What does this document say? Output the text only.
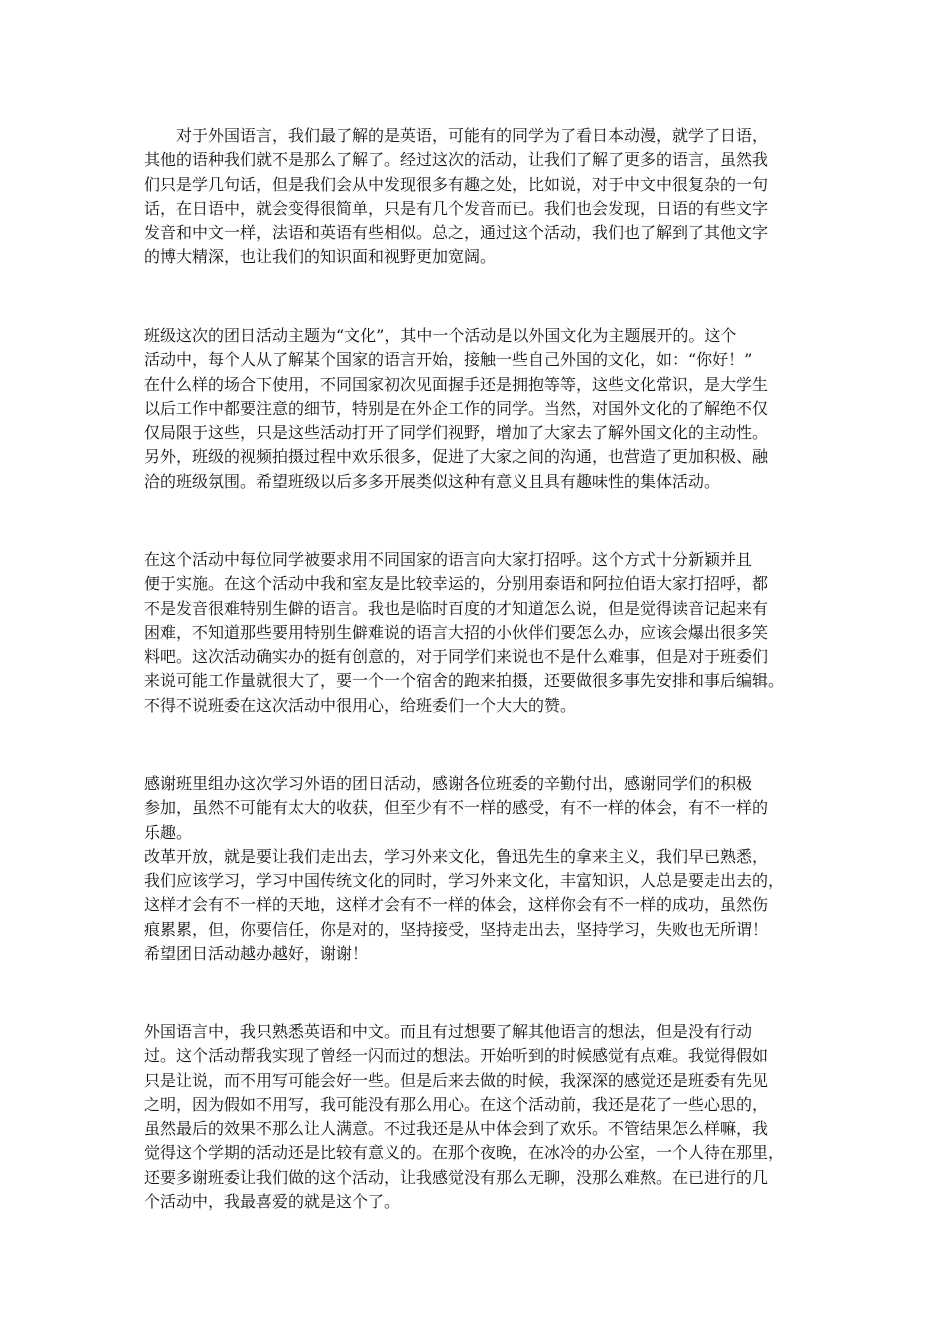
　　对于外国语言，我们最了解的是英语，可能有的同学为了看日本动漫，就学了日语，
其他的语种我们就不是那么了解了。经过这次的活动，让我们了解了更多的语言，虽然我
们只是学几句话，但是我们会从中发现很多有趣之处，比如说，对于中文中很复杂的一句
话，在日语中，就会变得很简单，只是有几个发音而已。我们也会发现，日语的有些文字
发音和中文一样，法语和英语有些相似。总之，通过这个活动，我们也了解到了其他文字
的博大精深，也让我们的知识面和视野更加宽阔。
班级这次的团日活动主题为“文化”，其中一个活动是以外国文化为主题展开的。这个
活动中，每个人从了解某个国家的语言开始，接触一些自己外国的文化，如：“你好！”
在什么样的场合下使用，不同国家初次见面握手还是拥抱等等，这些文化常识，是大学生
以后工作中都要注意的细节，特别是在外企工作的同学。当然，对国外文化的了解绝不仅
仅局限于这些，只是这些活动打开了同学们视野，增加了大家去了解外国文化的主动性。
另外，班级的视频拍摄过程中欢乐很多，促进了大家之间的沟通，也营造了更加积极、融
洽的班级氛围。希望班级以后多多开展类似这种有意义且具有趣味性的集体活动。
在这个活动中每位同学被要求用不同国家的语言向大家打招呼。这个方式十分新颖并且
便于实施。在这个活动中我和室友是比较幸运的，分别用泰语和阿拉伯语大家打招呼，都
不是发音很难特别生僻的语言。我也是临时百度的才知道怎么说，但是觉得读音记起来有
困难，不知道那些要用特别生僻难说的语言大招的小伙伴们要怎么办，应该会爆出很多笑
料吧。这次活动确实办的挺有创意的，对于同学们来说也不是什么难事，但是对于班委们
来说可能工作量就很大了，要一个一个宿舍的跑来拍摄，还要做很多事先安排和事后编辑。
不得不说班委在这次活动中很用心，给班委们一个大大的赞。
感谢班里组办这次学习外语的团日活动，感谢各位班委的辛勤付出，感谢同学们的积极
参加，虽然不可能有太大的收获，但至少有不一样的感受，有不一样的体会，有不一样的
乐趣。
改革开放，就是要让我们走出去，学习外来文化，鲁迅先生的拿来主义，我们早已熟悉，
我们应该学习，学习中国传统文化的同时，学习外来文化，丰富知识，人总是要走出去的，
这样才会有不一样的天地，这样才会有不一样的体会，这样你会有不一样的成功，虽然伤
痕累累，但，你要信任，你是对的，坚持接受，坚持走出去，坚持学习，失败也无所谓！
希望团日活动越办越好，谢谢！
外国语言中，我只熟悉英语和中文。而且有过想要了解其他语言的想法，但是没有行动
过。这个活动帮我实现了曾经一闪而过的想法。开始听到的时候感觉有点难。我觉得假如
只是让说，而不用写可能会好一些。但是后来去做的时候，我深深的感觉还是班委有先见
之明，因为假如不用写，我可能没有那么用心。在这个活动前，我还是花了一些心思的，
虽然最后的效果不那么让人满意。不过我还是从中体会到了欢乐。不管结果怎么样嘛，我
觉得这个学期的活动还是比较有意义的。在那个夜晚，在冰冷的办公室，一个人待在那里，
还要多谢班委让我们做的这个活动，让我感觉没有那么无聊，没那么难熬。在已进行的几
个活动中，我最喜爱的就是这个了。
